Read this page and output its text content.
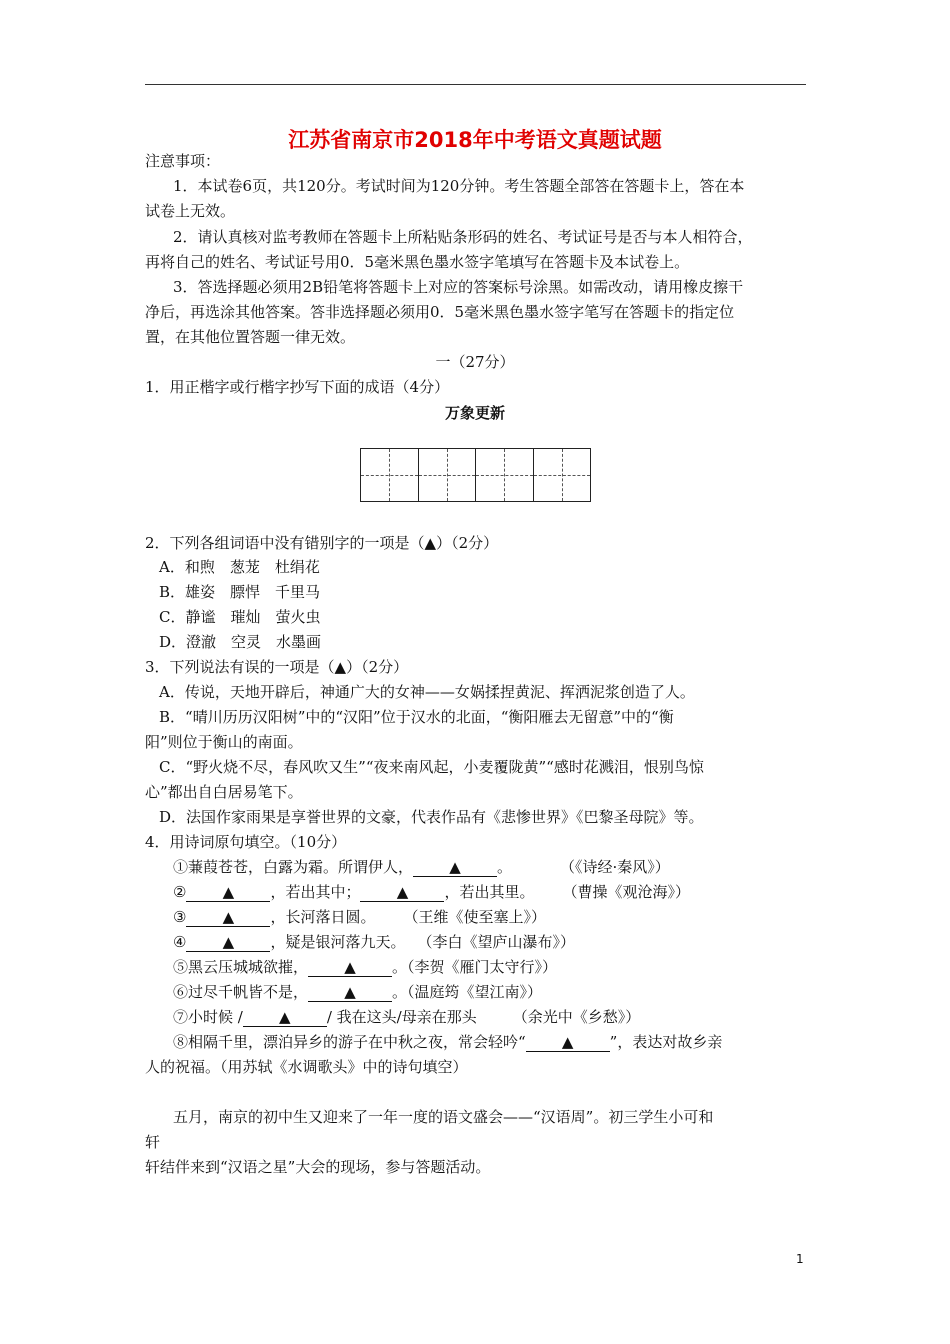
江苏省南京市2018年中考语文真题试题
注意事项：
1．本试卷6页，共120分。考试时间为120分钟。考生答题全部答在答题卡上，答在本
试卷上无效。
2．请认真核对监考教师在答题卡上所粘贴条形码的姓名、考试证号是否与本人相符合，
再将自己的姓名、考试证号用0．5毫米黑色墨水签字笔填写在答题卡及本试卷上。
3．答选择题必须用2B铅笔将答题卡上对应的答案标号涂黑。如需改动，请用橡皮擦干
净后，再选涂其他答案。答非选择题必须用0．5毫米黑色墨水签字笔写在答题卡的指定位
置，在其他位置答题一律无效。
一（27分）
1．用正楷字或行楷字抄写下面的成语（4分）
万象更新
2．下列各组词语中没有错别字的一项是（▲）（2分）
A．和煦　葱茏　杜绢花
B．雄姿　膘悍　千里马
C．静谧　璀灿　萤火虫
D．澄澈　空灵　水墨画
3．下列说法有误的一项是（▲）（2分）
A．传说，天地开辟后，神通广大的女神——女娲揉捏黄泥、挥洒泥浆创造了人。
B．“晴川历历汉阳树”中的“汉阳”位于汉水的北面，“衡阳雁去无留意”中的“衡
阳”则位于衡山的南面。
C．“野火烧不尽，春风吹又生”“夜来南风起，小麦覆陇黄”“感时花溅泪，恨别鸟惊
心”都出自白居易笔下。
D．法国作家雨果是享誉世界的文豪，代表作品有《悲惨世界》《巴黎圣母院》等。
4．用诗词原句填空。（10分）
①蒹葭苍苍，白露为霜。所谓伊人， ▲ 。	（《诗经·秦风》）
② ▲ ，若出其中； ▲ ，若出其里。 （曹操《观沧海》）
③ ▲ ，长河落日圆。 （王维《使至塞上》）
④ ▲ ，疑是银河落九天。 （李白《望庐山瀑布》）
⑤黑云压城城欲摧， ▲ 。（李贺《雁门太守行》）
⑥过尽千帆皆不是， ▲ 。（温庭筠《望江南》）
⑦小时候 / ▲ / 我在这头/母亲在那头 （余光中《乡愁》）
⑧相隔千里，漂泊异乡的游子在中秋之夜，常会轻吟“ ▲ ”，表达对故乡亲
人的祝福。（用苏轼《水调歌头》中的诗句填空）
五月，南京的初中生又迎来了一年一度的语文盛会——“汉语周”。初三学生小可和
轩
轩结伴来到“汉语之星”大会的现场，参与答题活动。
1
